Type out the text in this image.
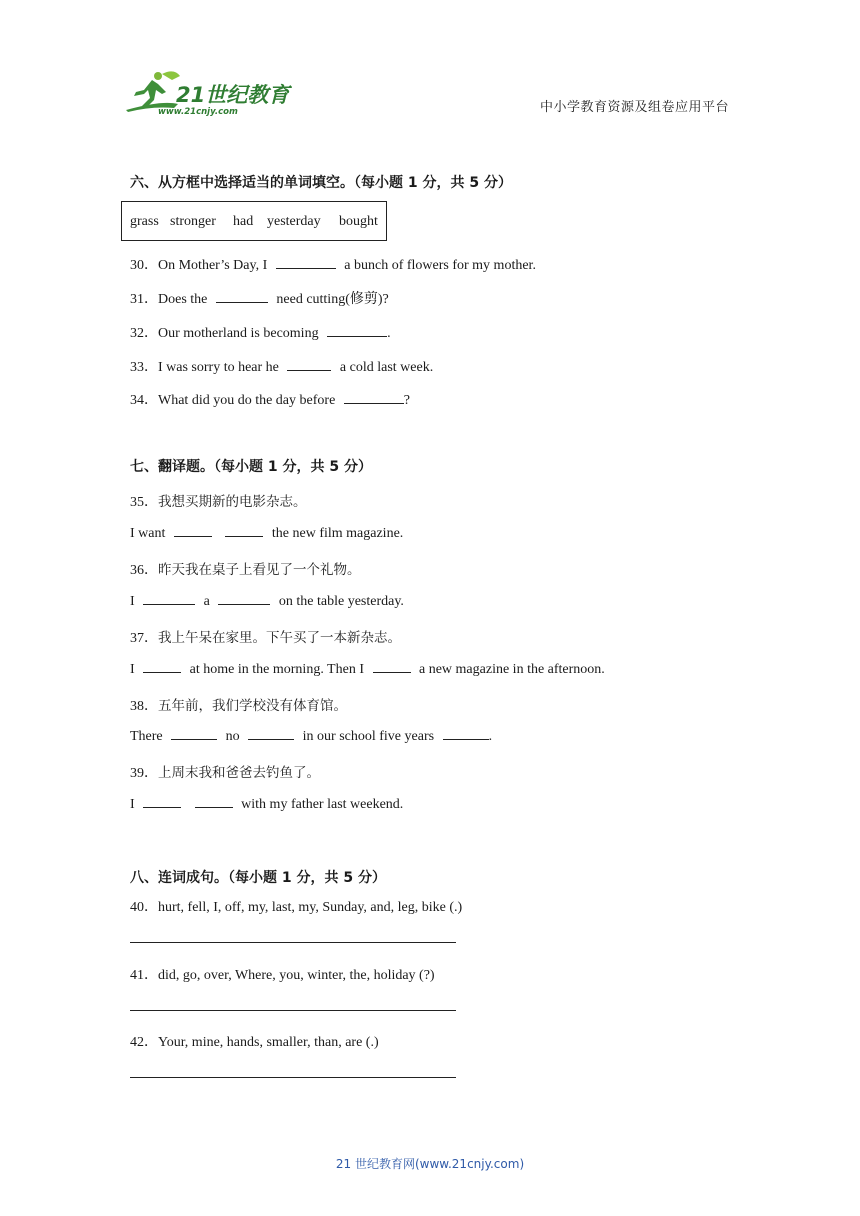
21世纪教育
www.21cnjy.com	中小学教育资源及组卷应用平台
六、从方框中选择适当的单词填空。（每小题 1 分，共 5 分）
grass stronger had yesterday bought
30．On Mother’s Day, I	a bunch of flowers for my mother.
31．Does the	need cutting(修剪)?
32．Our motherland is becoming	.
33．I was sorry to hear he	a cold last week.
34．What did you do the day before	?
七、翻译题。（每小题 1 分，共 5 分）
35．我想买期新的电影杂志。
I want	the new film magazine.
36．昨天我在桌子上看见了一个礼物。
I	a	on the table yesterday.
37．我上午呆在家里。下午买了一本新杂志。
I	at home in the morning. Then I	a new magazine in the afternoon.
38．五年前，我们学校没有体育馆。
There	no	in our school five years	.
39．上周末我和爸爸去钓鱼了。
I	with my father last weekend.
八、连词成句。（每小题 1 分，共 5 分）
40．hurt, fell, I, off, my, last, my, Sunday, and, leg, bike (.)
41．did, go, over, Where, you, winter, the, holiday (?)
42．Your, mine, hands, smaller, than, are (.)
21 世纪教育网(www.21cnjy.com)
